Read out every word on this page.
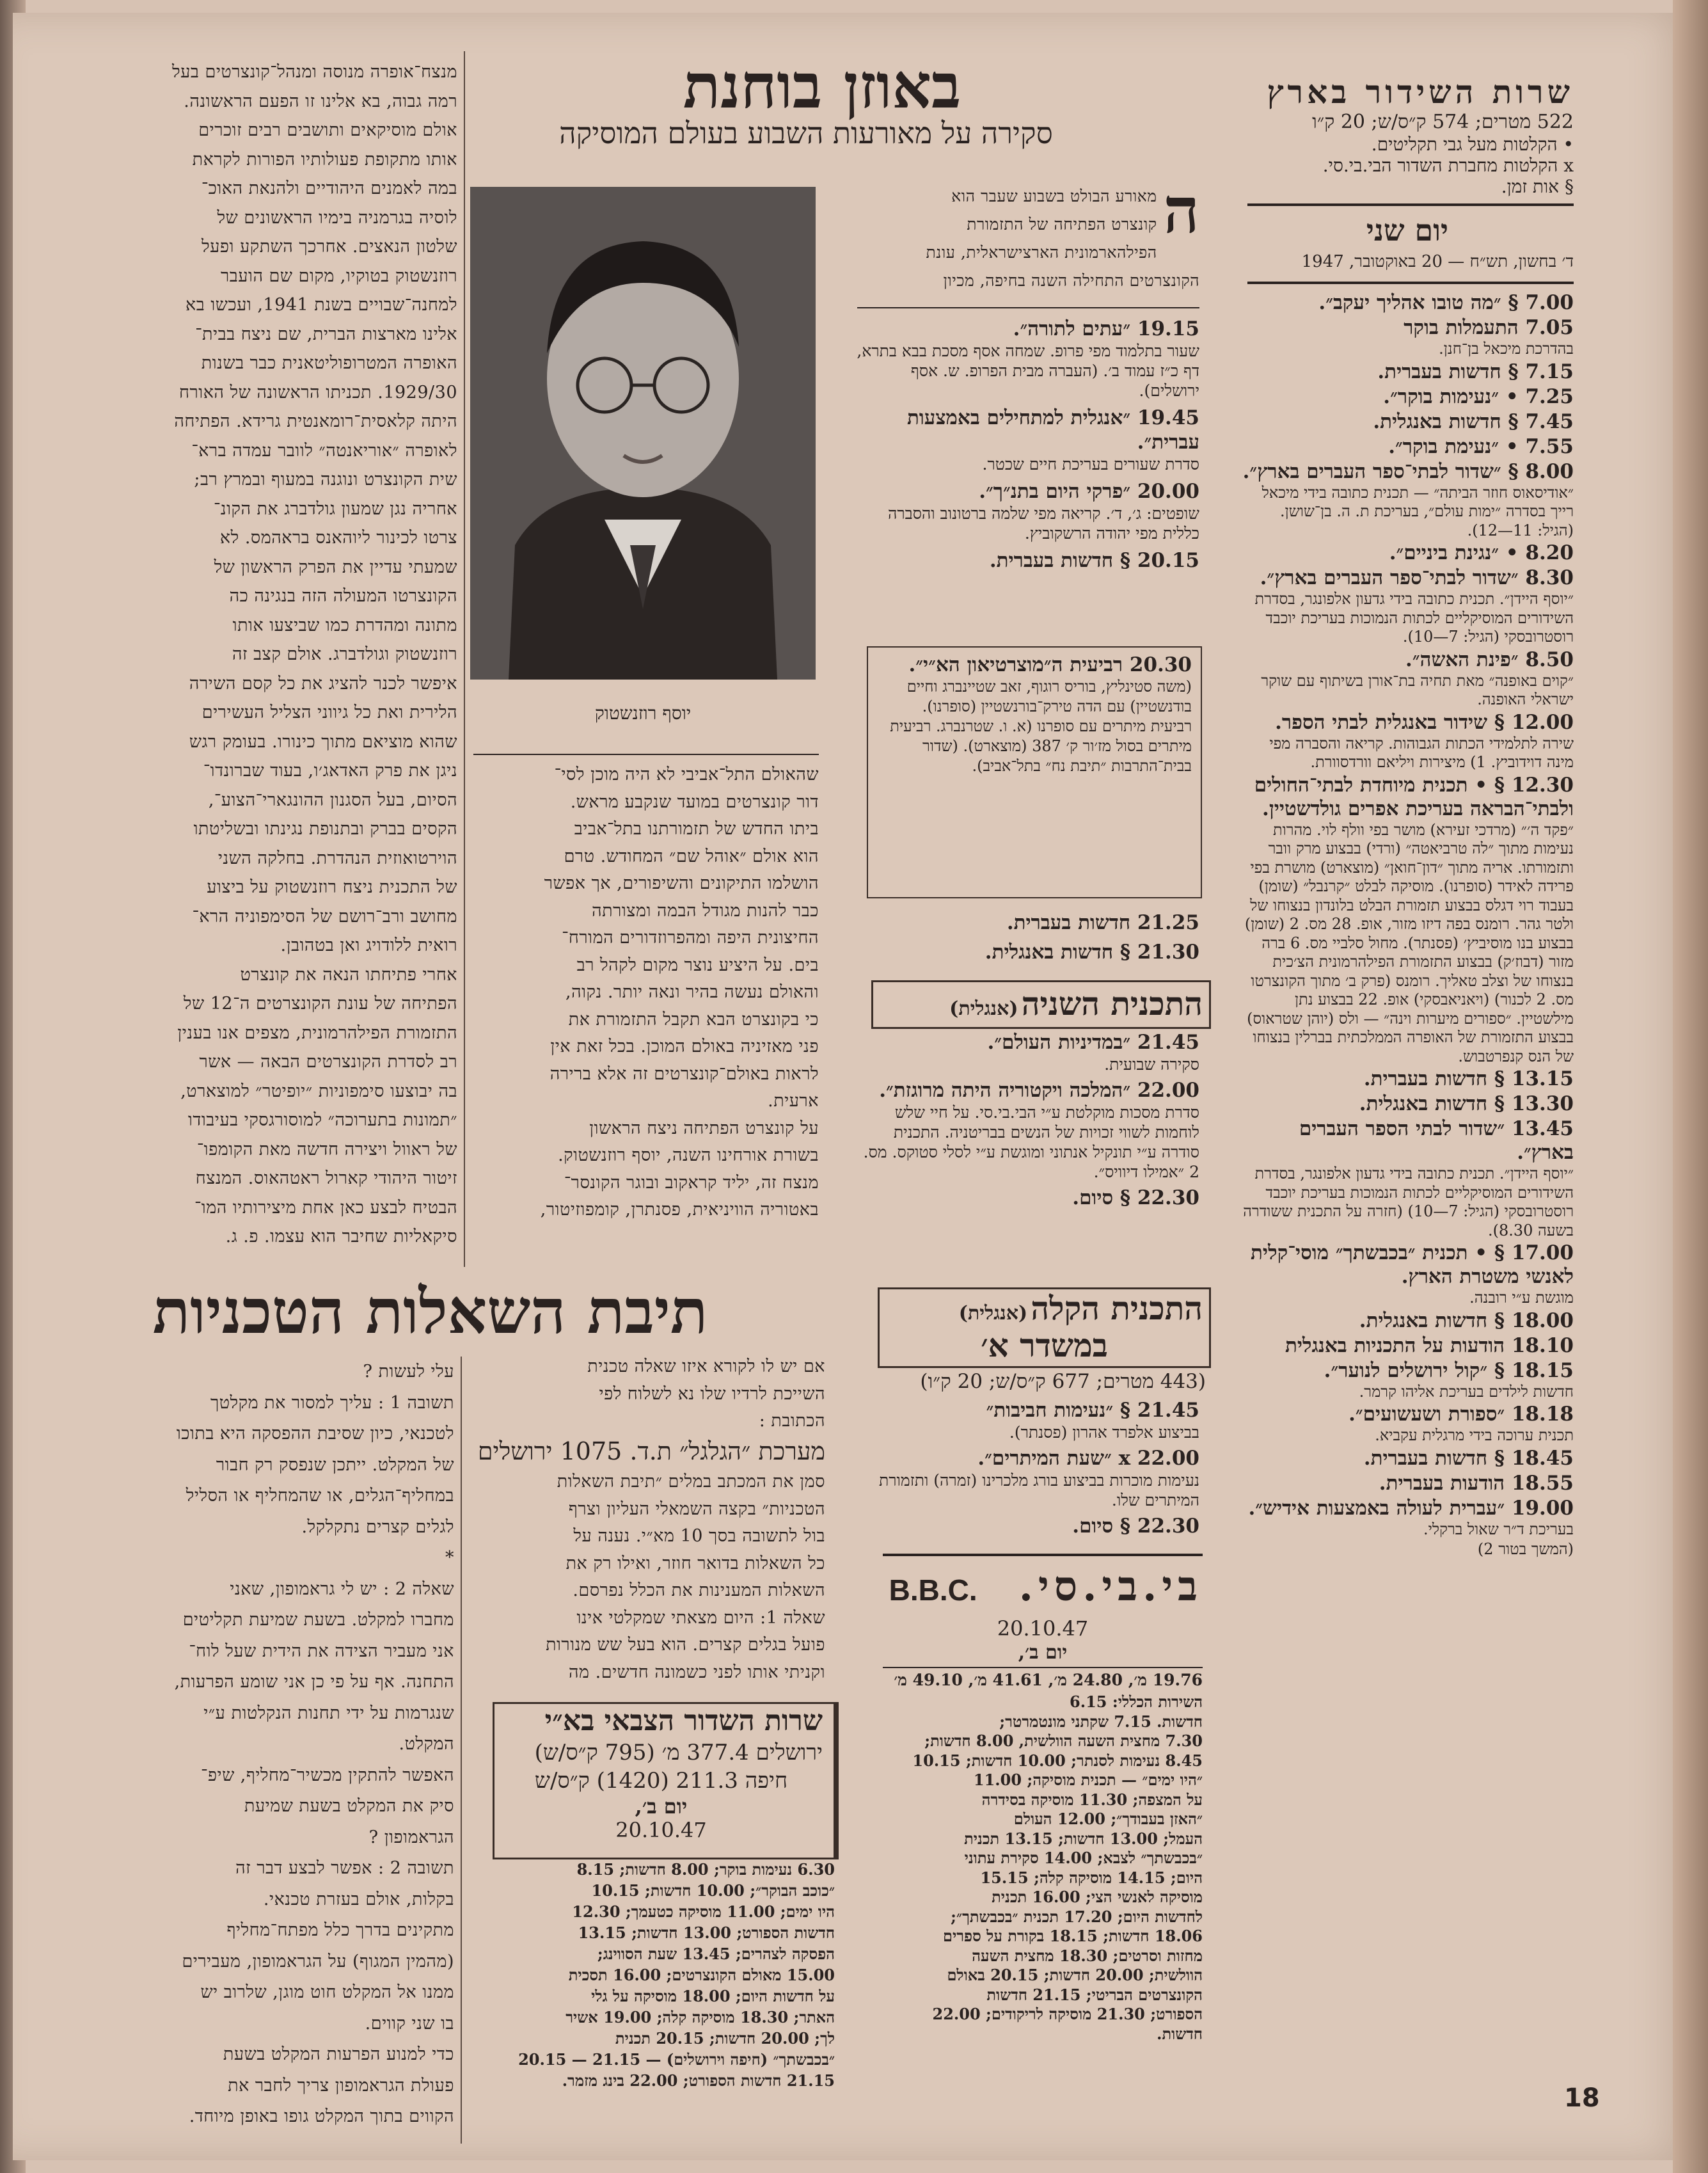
שרות השידור בארץ
522 מטרים; 574 ק״ס/ש; 20 ק״ו
• הקלטות מעל גבי תקליטים.
x הקלטות מחברת השדור הבי.בי.סי.
§ אות זמן.
יום שני
ד׳ בחשון, תש״ח — 20 באוקטובר, 1947
7.00 § ״מה טובו אהליך יעקב״.
7.05 התעמלות בוקר
בהדרכת מיכאל בן־חנן.
7.15 § חדשות בעברית.
7.25 • ״נעימות בוקר״.
7.45 § חדשות באנגלית.
7.55 • ״נעימת בוקר״.
8.00 § ״שדור לבתי־ספר העברים בארץ״.
״אודיסאוס חוזר הביתה״ — תכנית כתובה בידי מיכאל רייך בסדרה ״ימות עולם״, בעריכת ת. ה. בן־שושן. (הגיל: 11—12).
8.20 • ״נגינת ביניים״.
8.30 ״שדור לבתי־ספר העברים בארץ״.
״יוסף היידן״. תכנית כתובה בידי גדעון אלפונגר, בסדרת השידורים המוסיקליים לכתות הנמוכות בעריכת יוכבד רוסטרובסקי (הגיל: 7—10).
8.50 ״פינת האשה״.
״קוים באופנה״ מאת תחיה בת־אורן בשיתוף עם שוקר ישראלי האופנה.
12.00 § שידור באנגלית לבתי הספר.
שירה לתלמידי הכתות הגבוהות. קריאה והסברה מפי מינה דוידוביץ. 1) מיצירות ויליאם וורדסוורת.
12.30 § • תכנית מיוחדת לבתי־החולים ולבתי־הבראה בעריכת אפרים גולדשטיין.
״פקד ה׳״ (מרדכי זעירא) מושר בפי וולף לוי. מהרות נעימות מתוך ״לה טרביאטה״ (ורדי) בבצוע מרק וובר ותזמורתו. אריה מתוך ״דון־חואן״ (מוצארט) מושרת בפי פרידה לאידר (סופרנו). מוסיקה לבלט ״קרנבל״ (שומן) בעבוד רוי דגלס בבצוע תזמורת הבלט בלונדון בנצוחו של ולטר גהר. רומנס בפה דיזו מזור, אופ. 28 מס. 2 (שומן) בבצוע בנו מוסיביץ׳ (פסנתר). מחול סלביי מס. 6 ברה מזור (דבוז׳ק) בבצוע התזמורת הפילהרמונית הצ׳כית בנצוחו של וצלב טאליך. רומנס (פרק ב׳ מתוך הקונצרטו מס. 2 לכנור) (ויאניאבסקי) אופ. 22 בבצוע נתן מילשטיין. ״ספורים מיערות וינה״ — ולס (יוהן שטראוס) בבצוע התזמורת של האופרה הממלכתית בברלין בנצוחו של הנס קנפרטבוש.
13.15 § חדשות בעברית.
13.30 § חדשות באנגלית.
13.45 ״שדור לבתי הספר העברים בארץ״.
״יוסף היידן״. תכנית כתובה בידי גדעון אלפונגר, בסדרת השידורים המוסיקליים לכתות הנמוכות בעריכת יוכבד רוסטרובסקי (הגיל: 7—10) (חזרה על התכנית ששודרה בשעה 8.30).
17.00 § • תכנית ״בכבשתך״ מוסי־קלית לאנשי משטרת הארץ.
מוגשת ע״י רובנה.
18.00 § חדשות באנגלית.
18.10 הודעות על התכניות באנגלית
18.15 § ״קול ירושלים לנוער״.
חדשות לילדים בעריכת אליהו קרמר.
18.18 ״ספורת ושעשועים״.
תכנית ערוכה בידי מרגלית עקביא.
18.45 § חדשות בעברית.
18.55 הודעות בעברית.
19.00 ״עברית לעולה באמצעות אידיש״.
בעריכת ד״ר שאול ברקלי.
(המשך בטור 2)
ה
מאורע הבולט בשבוע שעבר הוא
קונצרט הפתיחה של התזמורת
הפילהארמונית הארצישראלית, עונת
הקונצרטים התחילה השנה בחיפה, מכיון
19.15 ״עתים לתורה״.
שעור בתלמוד מפי פרופ. שמחה אסף מסכת בבא בתרא, דף כ״ז עמוד ב׳. (העברה מבית הפרופ. ש. אסף ירושלים).
19.45 ״אנגלית למתחילים באמצעות עברית״.
סדרת שעורים בעריכת חיים שכטר.
20.00 ״פרקי היום בתנ״ך״.
שופטים: ג׳, ד׳. קריאה מפי שלמה ברטונוב והסברה כללית מפי יהודה הרשקוביץ.
20.15 § חדשות בעברית.
20.30 רביעית ה״מוצרטיאון הא״י״.
(משה סטינליץ, בוריס רוגוף, זאב שטיינברג וחיים בודנשטיין) עם הדה טירק־בורנשטיין (סופרנו). רביעית מיתרים עם סופרנו (א. ו. שטרנברג. רביעית מיתרים בסול מז׳ור ק׳ 387 (מוצארט). (שדור בבית־התרבות ״תיבת נח״ בתל־אביב).
21.25 חדשות בעברית.
21.30 § חדשות באנגלית.
התכנית השניה (אנגלית)
21.45 ״במדיניות העולם״.
סקירה שבועית.
22.00 ״המלכה ויקטוריה היתה מרוגזת״.
סדרת מסכות מוקלטת ע״י הבי.בי.סי. על חיי שלש לוחמות לשווי זכויות של הנשים בבריטניה. התכנית סודרה ע״י תונקיל אנתוני ומוגשת ע״י לסלי סטוקס. מס. 2 ״אמילו דיוויס״.
22.30 § סיום.
התכנית הקלה (אנגלית)
במשדר א׳
(443 מטרים; 677 ק״ס/ש; 20 ק״ו)
21.45 § ״נעימות חביבות״
בביצוע אלפרד אהרון (פסנתר).
22.00 x ״שעת המיתרים״.
נעימות מוכרות בביצוע בורג מלכרינו (זמרה) ותזמורת המיתרים שלו.
22.30 § סיום.
בי.בי.סי. B.B.C.
20.10.47
יום ב׳,
19.76 מ׳, 24.80 מ׳, 41.61 מ׳, 49.10 מ׳
השירות הכללי: 6.15
חדשות. 7.15 שקתני מונטמרטר;
7.30 מחצית השעה הוולשית, 8.00 חדשות;
8.45 נעימות לסנתר; 10.00 חדשות; 10.15
״היו ימים״ — תכנית מוסיקה; 11.00
על המצפה; 11.30 מוסיקה בסידרה
״האזן בעבודך״; 12.00 העולם
העמל; 13.00 חדשות; 13.15 תכנית
״בכבשתך״ לצבא; 14.00 סקירת עתוני
היום; 14.15 מוסיקה קלה; 15.15
מוסיקה לאנשי הצי; 16.00 תכנית
לחדשות היום; 17.20 תכנית ״בכבשתך״;
18.06 חדשות; 18.15 בקורת על ספרים
מחזות וסרטים; 18.30 מחצית השעה
הוולשית; 20.00 חדשות; 20.15 באולם
הקונצרטים הבריטי; 21.15 חדשות
הספורט; 21.30 מוסיקה לריקודים; 22.00
חדשות.
באוזן בוחנת
סקירה על מאורעות השבוע בעולם המוסיקה
יוסף רוזנשטוק
שהאולם התל־אביבי לא היה מוכן לסי־
דור קונצרטים במועד שנקבע מראש.
ביתו החדש של תזמורתנו בתל־אביב
הוא אולם ״אוהל שם״ המחודש. טרם
הושלמו התיקונים והשיפורים, אך אפשר
כבר להנות מגודל הבמה ומצורתה
החיצונית היפה ומהפרוזדורים המורח־
בים. על היציע נוצר מקום לקהל רב
והאולם נעשה בהיר ונאה יותר. נקוה,
כי בקונצרט הבא תקבל התזמורת את
פני מאזיניה באולם המוכן. בכל זאת אין
לראות באולם־קונצרטים זה אלא ברירה
ארעית.
על קונצרט הפתיחה ניצח הראשון
בשורת אורחינו השנה, יוסף רוזנשטוק.
מנצח זה, יליד קראקוב ובוגר הקונסר־
באטוריה הוויניאית, פסנתרן, קומפוזיטור,
מנצח־אופרה מנוסה ומנהל־קונצרטים בעל
רמה גבוה, בא אלינו זו הפעם הראשונה.
אולם מוסיקאים ותושבים רבים זוכרים
אותו מתקופת פעולותיו הפורות לקראת
במה לאמנים היהודיים ולהנאת האוכ־
לוסיה בגרמניה בימיו הראשונים של
שלטון הנאצים. אחרכך השתקע ופעל
רוזנשטוק בטוקיו, מקום שם הועבר
למחנה־שבויים בשנת 1941, ועכשו בא
אלינו מארצות הברית, שם ניצח בבית־
האופרה המטרופוליטאנית כבר בשנות
1929/30. תכניתו הראשונה של האורח
היתה קלאסית־רומאנטית גרידא. הפתיחה
לאופרה ״אוריאנטה״ לוובר עמדה ברא־
שית הקונצרט ונוגנה במעוף ובמרץ רב;
אחריה נגן שמעון גולדברג את הקונ־
צרטו לכינור ליוהאנס בראהמס. לא
שמעתי עדיין את הפרק הראשון של
הקונצרטו המעולה הזה בנגינה כה
מתונה ומהדרת כמו שביצעו אותו
רוזנשטוק וגולדברג. אולם קצב זה
איפשר לכנר להציג את כל קסם השירה
הלירית ואת כל גיווני הצליל העשירים
שהוא מוציאם מתוך כינורו. בעומק רגש
ניגן את פרק האדאג׳ו, בעוד שברונדו־
הסיום, בעל הסגנון ההונגארי־הצוע־,
הקסים בברק ובתנופת נגינתו ובשליטתו
הוירטואוזית הנהדרת. בחלקה השני
של התכנית ניצח רוזנשטוק על ביצוע
מחושב ורב־רושם של הסימפוניה הרא־
רואית ללודויג ואן בטהובן.
אחרי פתיחתו הנאה את קונצרט
הפתיחה של עונת הקונצרטים ה־12 של
התזמורת הפילהרמונית, מצפים אנו בענין
רב לסדרת הקונצרטים הבאה — אשר
בה יבוצעו סימפוניות ״יופיטר״ למוצארט,
״תמונות בתערוכה״ למוסורגסקי בעיבודו
של ראוול ויצירה חדשה מאת הקומפו־
זיטור היהודי קארול ראטהאוס. המנצח
הבטיח לבצע כאן אחת מיצירותיו המו־
סיקאליות שחיבר הוא עצמו. פ. ג.
תיבת השאלות הטכניות
אם יש לו לקורא איזו שאלה טכנית
השייכת לרדיו שלו נא לשלוח לפי
הכתובת :
מערכת ״הגלגל״ ת.ד. 1075 ירושלים
סמן את המכתב במלים ״תיבת השאלות
הטכניות״ בקצה השמאלי העליון וצרף
בול לתשובה בסך 10 מא״י. נענה על
כל השאלות בדואר חוזר, ואילו רק את
השאלות המענינות את הכלל נפרסם.
שאלה 1: היום מצאתי שמקלטי אינו
פועל בגלים קצרים. הוא בעל שש מנורות
וקניתי אותו לפני כשמונה חדשים. מה
עלי לעשות ?
תשובה 1 : עליך למסור את מקלטך
לטכנאי, כיון שסיבת ההפסקה היא בתוכו
של המקלט. ייתכן שנפסק רק חבור
במחליף־הגלים, או שהמחליף או הסליל
לגלים קצרים נתקלקל.
*
שאלה 2 : יש לי גראמופון, שאני
מחברו למקלט. בשעת שמיעת תקליטים
אני מעביר הצידה את הידית שעל לוח־
התחנה. אף על פי כן אני שומע הפרעות,
שנגרמות על ידי תחנות הנקלטות ע״י
המקלט.
האפשר להתקין מכשיר־מחליף, שיפ־
סיק את המקלט בשעת שמיעת
הגראמופון ?
תשובה 2 : אפשר לבצע דבר זה
בקלות, אולם בעזרת טכנאי.
מתקינים בדרך כלל מפתח־מחליף
(מהמין המגוף) על הגראמופון, מעבירים
ממנו אל המקלט חוט מוגן, שלרוב יש
בו שני קווים.
כדי למנוע הפרעות המקלט בשעת
פעולת הגראמופון צריך לחבר את
הקווים בתוך המקלט גופו באופן מיוחד.
שרות השדור הצבאי בא״י
ירושלים 377.4 מ׳ (795 ק״ס/ש)
חיפה 211.3 (1420) ק״ס/ש
יום ב׳,
20.10.47
6.30 נעימות בוקר; 8.00 חדשות; 8.15
״כוכב הבוקר״; 10.00 חדשות; 10.15
היו ימים; 11.00 מוסיקה כטעמך; 12.30
חדשות הספורט; 13.00 חדשות; 13.15
הפסקה לצהרים; 13.45 שעת הסווינג;
15.00 מאולם הקונצרטים; 16.00 תסכית
על חדשות היום; 18.00 מוסיקה על גלי
האתר; 18.30 מוסיקה קלה; 19.00 אשיר
לך; 20.00 חדשות; 20.15 תכנית
״בכבשתך״ (חיפה וירושלים) — 21.15 — 20.15
21.15 חדשות הספורט; 22.00 בינג מזמר.
18
